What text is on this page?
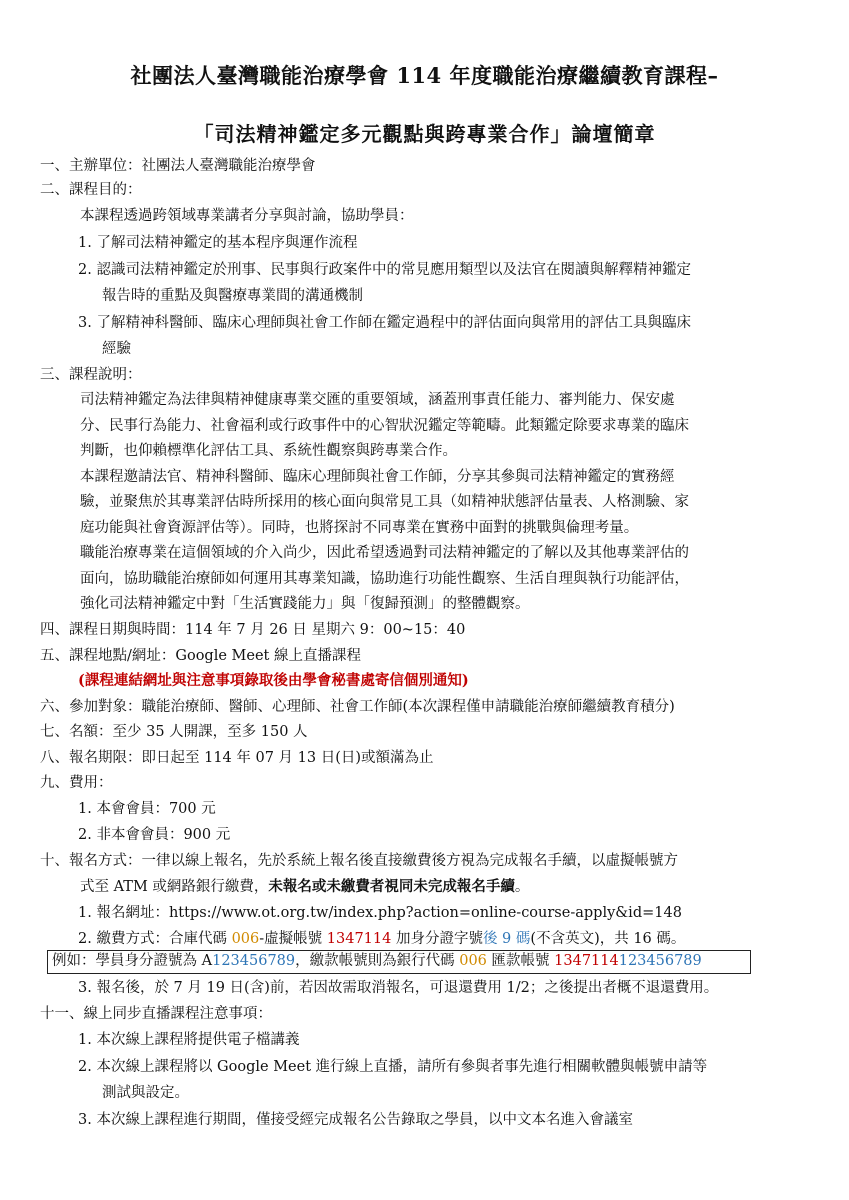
社團法人臺灣職能治療學會 114 年度職能治療繼續教育課程–
「司法精神鑑定多元觀點與跨專業合作」論壇簡章
一、主辦單位：社團法人臺灣職能治療學會
二、課程目的：
本課程透過跨領域專業講者分享與討論，協助學員：
1. 了解司法精神鑑定的基本程序與運作流程
2. 認識司法精神鑑定於刑事、民事與行政案件中的常見應用類型以及法官在閱讀與解釋精神鑑定
報告時的重點及與醫療專業間的溝通機制
3. 了解精神科醫師、臨床心理師與社會工作師在鑑定過程中的評估面向與常用的評估工具與臨床
經驗
三、課程說明：
司法精神鑑定為法律與精神健康專業交匯的重要領域，涵蓋刑事責任能力、審判能力、保安處
分、民事行為能力、社會福利或行政事件中的心智狀況鑑定等範疇。此類鑑定除要求專業的臨床
判斷，也仰賴標準化評估工具、系統性觀察與跨專業合作。
本課程邀請法官、精神科醫師、臨床心理師與社會工作師，分享其參與司法精神鑑定的實務經
驗，並聚焦於其專業評估時所採用的核心面向與常見工具（如精神狀態評估量表、人格測驗、家
庭功能與社會資源評估等）。同時，也將探討不同專業在實務中面對的挑戰與倫理考量。
職能治療專業在這個領域的介入尚少，因此希望透過對司法精神鑑定的了解以及其他專業評估的
面向，協助職能治療師如何運用其專業知識，協助進行功能性觀察、生活自理與執行功能評估，
強化司法精神鑑定中對「生活實踐能力」與「復歸預測」的整體觀察。
四、課程日期與時間：114 年 7 月 26 日 星期六 9：00~15：40
五、課程地點/網址：Google Meet 線上直播課程
(課程連結網址與注意事項錄取後由學會秘書處寄信個別通知)
六、參加對象：職能治療師、醫師、心理師、社會工作師(本次課程僅申請職能治療師繼續教育積分)
七、名額：至少 35 人開課，至多 150 人
八、報名期限：即日起至 114 年 07 月 13 日(日)或額滿為止
九、費用：
1. 本會會員：700 元
2. 非本會會員：900 元
十、報名方式：一律以線上報名，先於系統上報名後直接繳費後方視為完成報名手續，以虛擬帳號方
式至 ATM 或網路銀行繳費，未報名或未繳費者視同未完成報名手續。
1. 報名網址：https://www.ot.org.tw/index.php?action=online-course-apply&id=148
2. 繳費方式：合庫代碼 006-虛擬帳號 1347114 加身分證字號後 9 碼(不含英文)，共 16 碼。
例如：學員身分證號為 A123456789，繳款帳號則為銀行代碼 006 匯款帳號 1347114123456789
3. 報名後，於 7 月 19 日(含)前，若因故需取消報名，可退還費用 1/2；之後提出者概不退還費用。
十一、線上同步直播課程注意事項：
1. 本次線上課程將提供電子檔講義
2. 本次線上課程將以 Google Meet 進行線上直播，請所有參與者事先進行相關軟體與帳號申請等
測試與設定。
3. 本次線上課程進行期間，僅接受經完成報名公告錄取之學員，以中文本名進入會議室
